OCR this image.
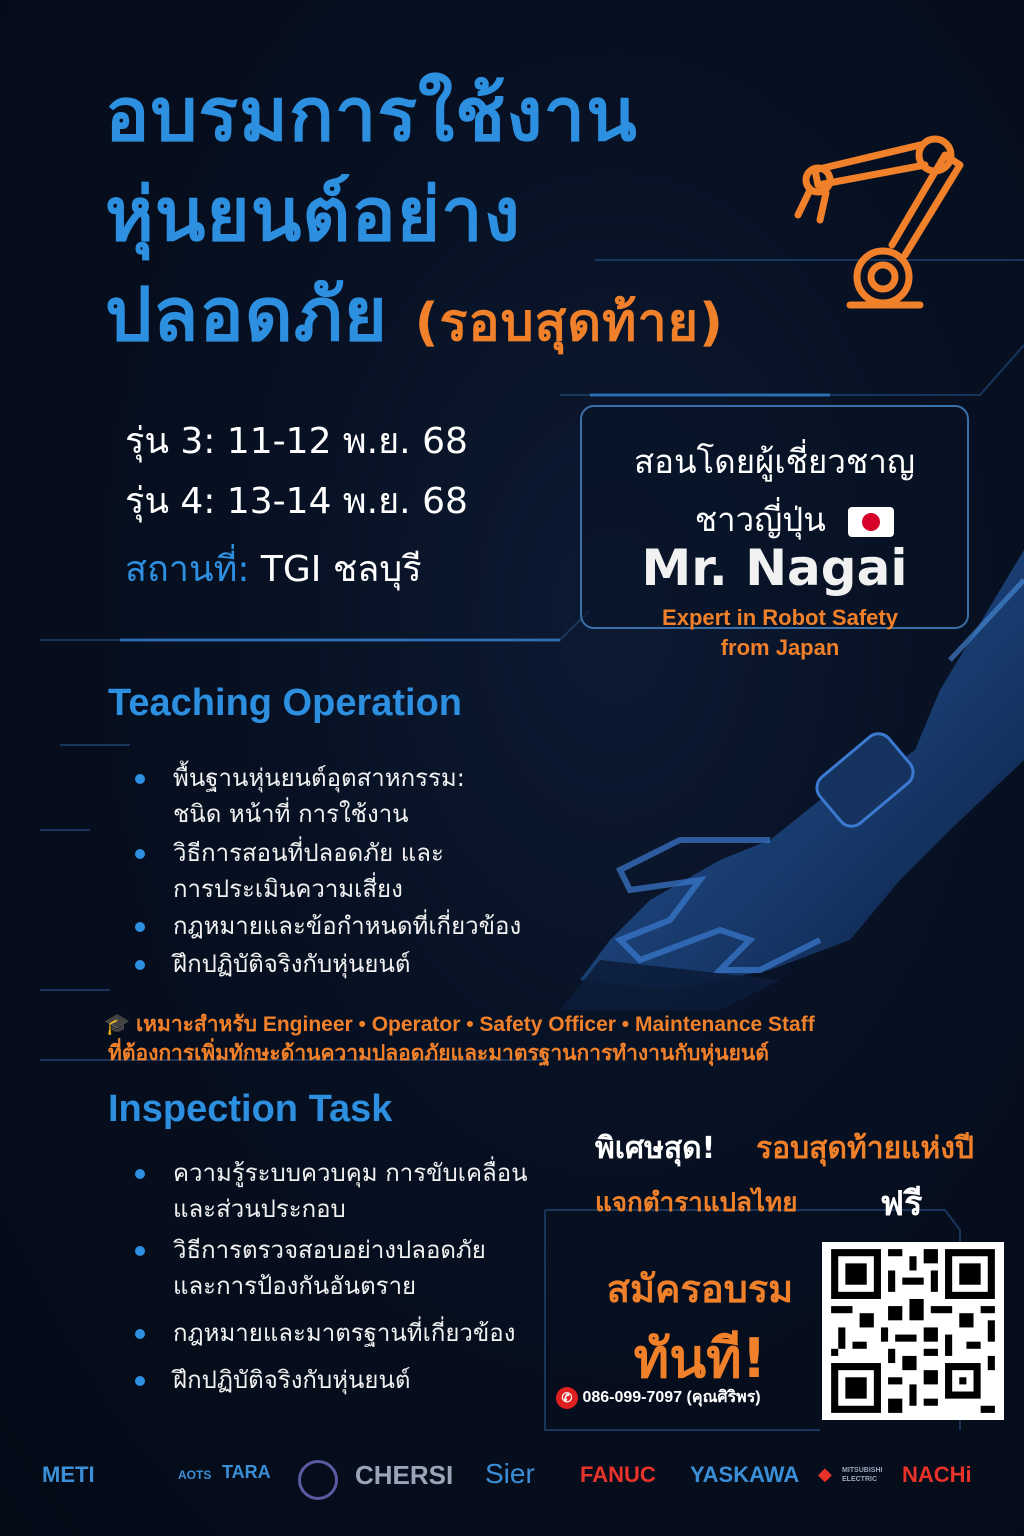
อบรมการใช้งาน
หุ่นยนต์อย่าง
ปลอดภัย (รอบสุดท้าย)
รุ่น 3: 11-12 พ.ย. 68
รุ่น 4: 13-14 พ.ย. 68
สถานที่: TGI ชลบุรี
สอนโดยผู้เชี่ยวชาญ
ชาวญี่ปุ่น
Mr. Nagai
Expert in Robot Safety
from Japan
Teaching Operation
พื้นฐานหุ่นยนต์อุตสาหกรรม:
ชนิด หน้าที่ การใช้งาน
วิธีการสอนที่ปลอดภัย และ
การประเมินความเสี่ยง
กฎหมายและข้อกำหนดที่เกี่ยวข้อง
ฝึกปฏิบัติจริงกับหุ่นยนต์
🎓 เหมาะสำหรับ Engineer • Operator • Safety Officer • Maintenance Staff
ที่ต้องการเพิ่มทักษะด้านความปลอดภัยและมาตรฐานการทำงานกับหุ่นยนต์
Inspection Task
ความรู้ระบบควบคุม การขับเคลื่อน
และส่วนประกอบ
วิธีการตรวจสอบอย่างปลอดภัย
และการป้องกันอันตราย
กฎหมายและมาตรฐานที่เกี่ยวข้อง
ฝึกปฏิบัติจริงกับหุ่นยนต์
พิเศษสุด! รอบสุดท้ายแห่งปี
แจกตำราแปลไทย ฟรี
สมัครอบรม
ทันที!
✆ 086-099-7097 (คุณศิริพร)
METI	AOTS TARA	CHERSI Sier FANUC YASKAWA ◆ MITSUBISHI ELECTRIC	NACHi
